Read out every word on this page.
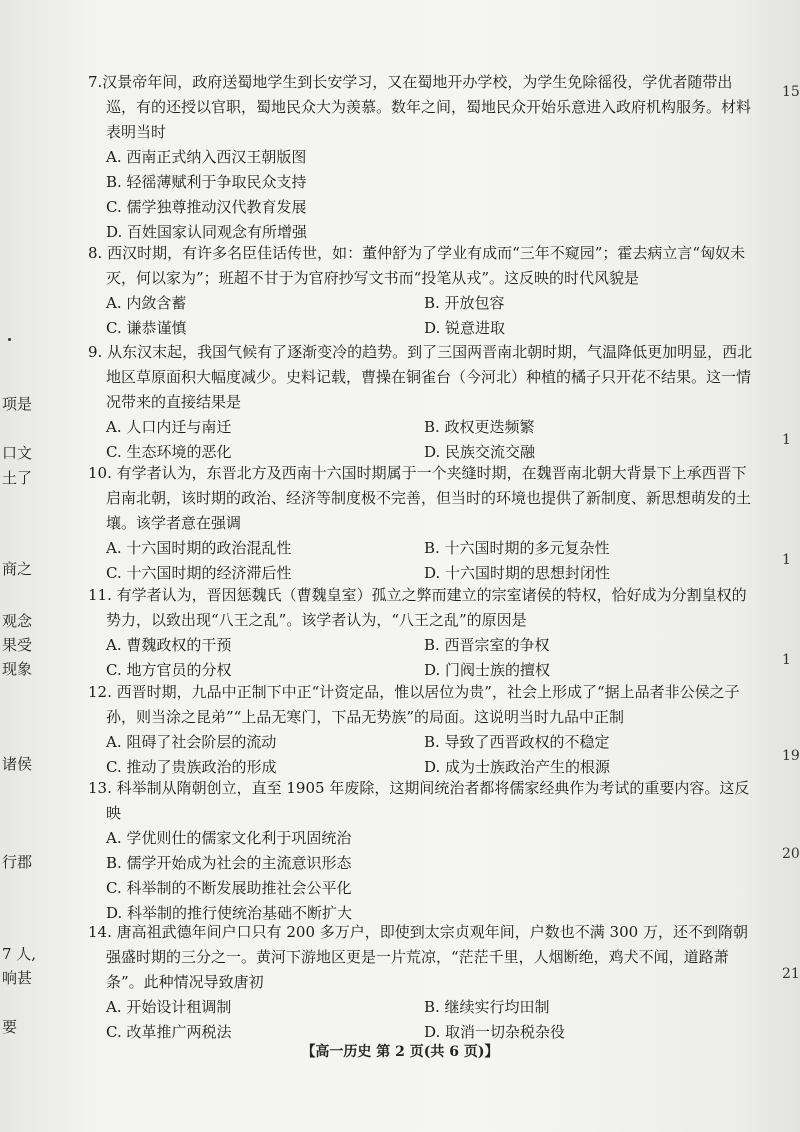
项是
口文
土了
商之
观念
果受
现象
诸侯
行郡
7 人,
响甚
要
15
1
1
1
19
20
21

7.汉景帝年间，政府送蜀地学生到长安学习，又在蜀地开办学校，为学生免除徭役，学优者随带出巡，有的还授以官职，蜀地民众大为羡慕。数年之间，蜀地民众开始乐意进入政府机构服务。材料表明当时

A. 西南正式纳入西汉王朝版图
B. 轻徭薄赋利于争取民众支持
C. 儒学独尊推动汉代教育发展
D. 百姓国家认同观念有所增强

8. 西汉时期，有许多名臣佳话传世，如：董仲舒为了学业有成而“三年不窥园”；霍去病立言“匈奴未灭，何以家为”；班超不甘于为官府抄写文书而“投笔从戎”。这反映的时代风貌是

A. 内敛含蓄	B. 开放包容
C. 谦恭谨慎	D. 锐意进取

9. 从东汉末起，我国气候有了逐渐变冷的趋势。到了三国两晋南北朝时期，气温降低更加明显，西北地区草原面积大幅度减少。史料记载，曹操在铜雀台（今河北）种植的橘子只开花不结果。这一情况带来的直接结果是

A. 人口内迁与南迁	B. 政权更迭频繁
C. 生态环境的恶化	D. 民族交流交融

10. 有学者认为，东晋北方及西南十六国时期属于一个夹缝时期，在魏晋南北朝大背景下上承西晋下启南北朝，该时期的政治、经济等制度极不完善，但当时的环境也提供了新制度、新思想萌发的土壤。该学者意在强调

A. 十六国时期的政治混乱性	B. 十六国时期的多元复杂性
C. 十六国时期的经济滞后性	D. 十六国时期的思想封闭性

11. 有学者认为，晋因惩魏氏（曹魏皇室）孤立之弊而建立的宗室诸侯的特权，恰好成为分割皇权的势力，以致出现“八王之乱”。该学者认为，“八王之乱”的原因是

A. 曹魏政权的干预	B. 西晋宗室的争权
C. 地方官员的分权	D. 门阀士族的擅权

12. 西晋时期，九品中正制下中正“计资定品，惟以居位为贵”，社会上形成了“据上品者非公侯之子孙，则当涂之昆弟”“上品无寒门，下品无势族”的局面。这说明当时九品中正制

A. 阻碍了社会阶层的流动	B. 导致了西晋政权的不稳定
C. 推动了贵族政治的形成	D. 成为士族政治产生的根源

13. 科举制从隋朝创立，直至 1905 年废除，这期间统治者都将儒家经典作为考试的重要内容。这反映

A. 学优则仕的儒家文化利于巩固统治
B. 儒学开始成为社会的主流意识形态
C. 科举制的不断发展助推社会公平化
D. 科举制的推行使统治基础不断扩大

14. 唐高祖武德年间户口只有 200 多万户，即使到太宗贞观年间，户数也不满 300 万，还不到隋朝强盛时期的三分之一。黄河下游地区更是一片荒凉，“茫茫千里，人烟断绝，鸡犬不闻，道路萧条”。此种情况导致唐初

A. 开始设计租调制	B. 继续实行均田制
C. 改革推广两税法	D. 取消一切杂税杂役
【高一历史 第 2 页(共 6 页)】
